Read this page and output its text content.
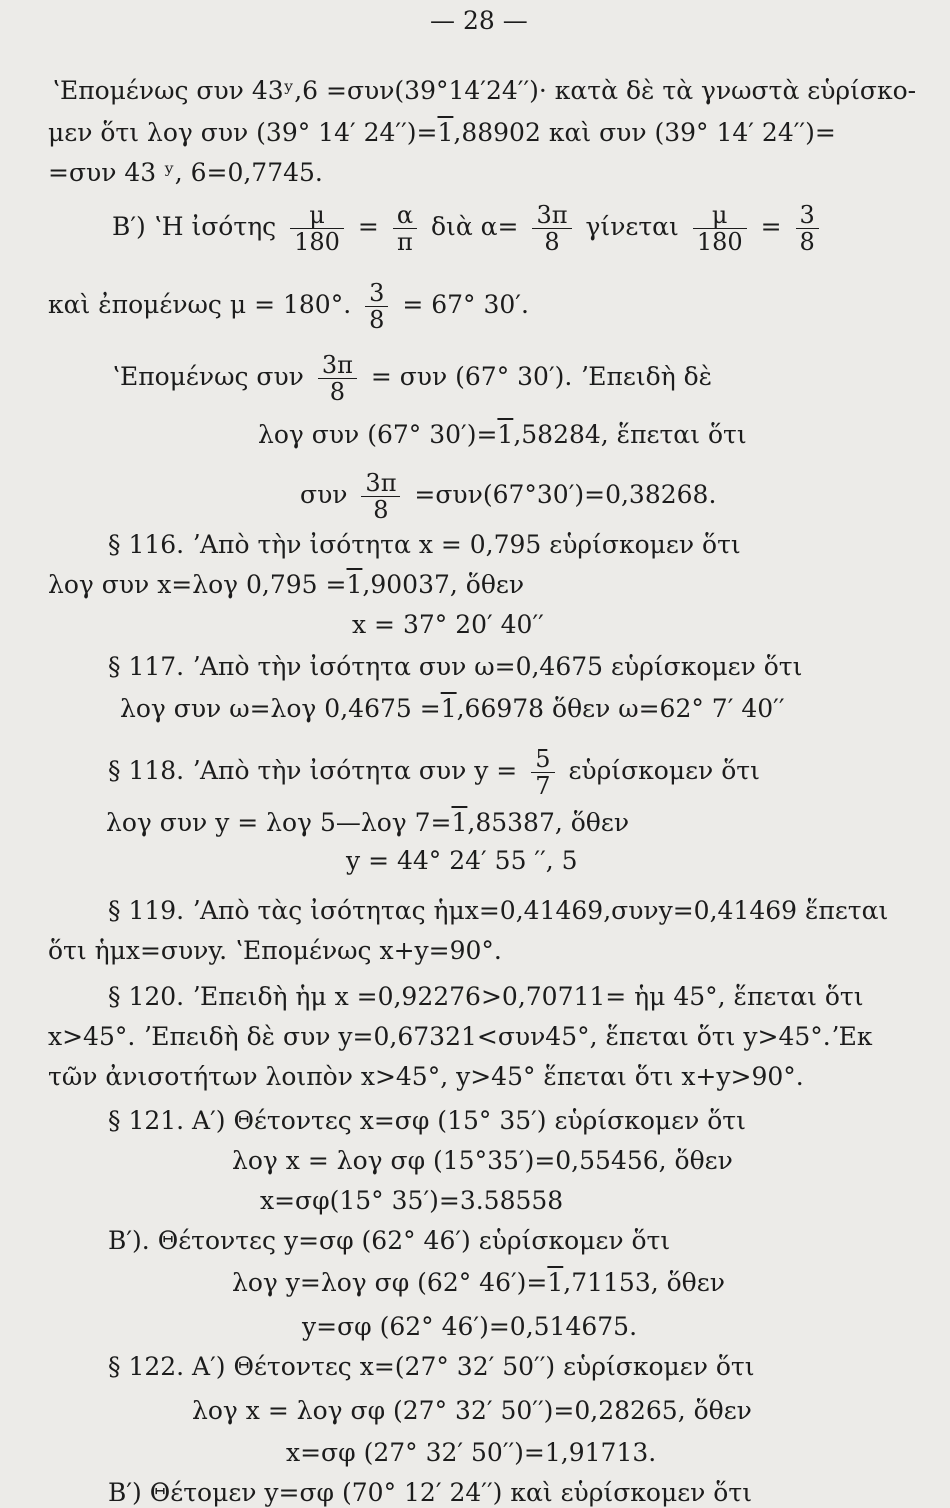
— 28 —
ʽΕπομένως συν 43ʸ,6 =συν(39°14′24′′)· κατὰ δὲ τὰ γνωστὰ εὑρίσκο-
μεν ὅτι λογ συν (39° 14′ 24′′)=1,88902 καὶ συν (39° 14′ 24′′)=
=συν 43 ʸ, 6=0,7745.
Β′) ʽΗ ἰσότης $\frac{\mu}{180} = \frac{\alpha}{\pi}$ διὰ $\alpha= \frac{3\pi}{8}$ γίνεται $\frac{\mu}{180} = \frac{3}{8}$
καὶ ἐπομένως μ = 180°. $\frac{3}{8} = 67^\circ$ 30′.
ʽΕπομένως συν $\frac{3\pi}{8} = \sigma\upsilon\nu$ (67° 30′). ʼΕπειδὴ δὲ
λογ συν (67° 30′)=1,58284, ἕπεται ὅτι
συν $\frac{3\pi}{8} =\sigma\upsilon\nu(67^\circ 30')=0,38268$.
§ 116. ʼΑπὸ τὴν ἰσότητα x = 0,795 εὑρίσκομεν ὅτι
λογ συν x=λογ 0,795 =1,90037, ὅθεν
x = 37° 20′ 40′′
§ 117. ʼΑπὸ τὴν ἰσότητα συν ω=0,4675 εὑρίσκομεν ὅτι
λογ συν ω=λογ 0,4675 =1,66978 ὅθεν ω=62° 7′ 40′′
§ 118. ʼΑπὸ τὴν ἰσότητα συν $y = \frac{5}{7}$ εὑρίσκομεν ὅτι
λογ συν y = λογ 5—λογ 7=1,85387, ὅθεν
y = 44° 24′ 55 ′′, 5
§ 119. ʼΑπὸ τὰς ἰσότητας ἡμx=0,41469,συνy=0,41469 ἕπεται
ὅτι ἡμx=συνy. ʽΕπομένως x+y=90°.
§ 120. ʼΕπειδὴ ἡμ x =0,92276>0,70711= ἡμ 45°, ἕπεται ὅτι
x>45°. ʼΕπειδὴ δὲ συν y=0,67321<συν45°, ἕπεται ὅτι y>45°.ʼΕκ
τῶν ἀνισοτήτων λοιπὸν x>45°, y>45° ἕπεται ὅτι x+y>90°.
§ 121. Α′) Θέτοντες x=σφ (15° 35′) εὑρίσκομεν ὅτι
λογ x = λογ σφ (15°35′)=0,55456, ὅθεν
x=σφ(15° 35′)=3.58558
Β′). Θέτοντες y=σφ (62° 46′) εὑρίσκομεν ὅτι
λογ y=λογ σφ (62° 46′)=1,71153, ὅθεν
y=σφ (62° 46′)=0,514675.
§ 122. Α′) Θέτοντες x=(27° 32′ 50′′) εὑρίσκομεν ὅτι
λογ x = λογ σφ (27° 32′ 50′′)=0,28265, ὅθεν
x=σφ (27° 32′ 50′′)=1,91713.
Β′) Θέτομεν y=σφ (70° 12′ 24′′) καὶ εὑρίσκομεν ὅτι
